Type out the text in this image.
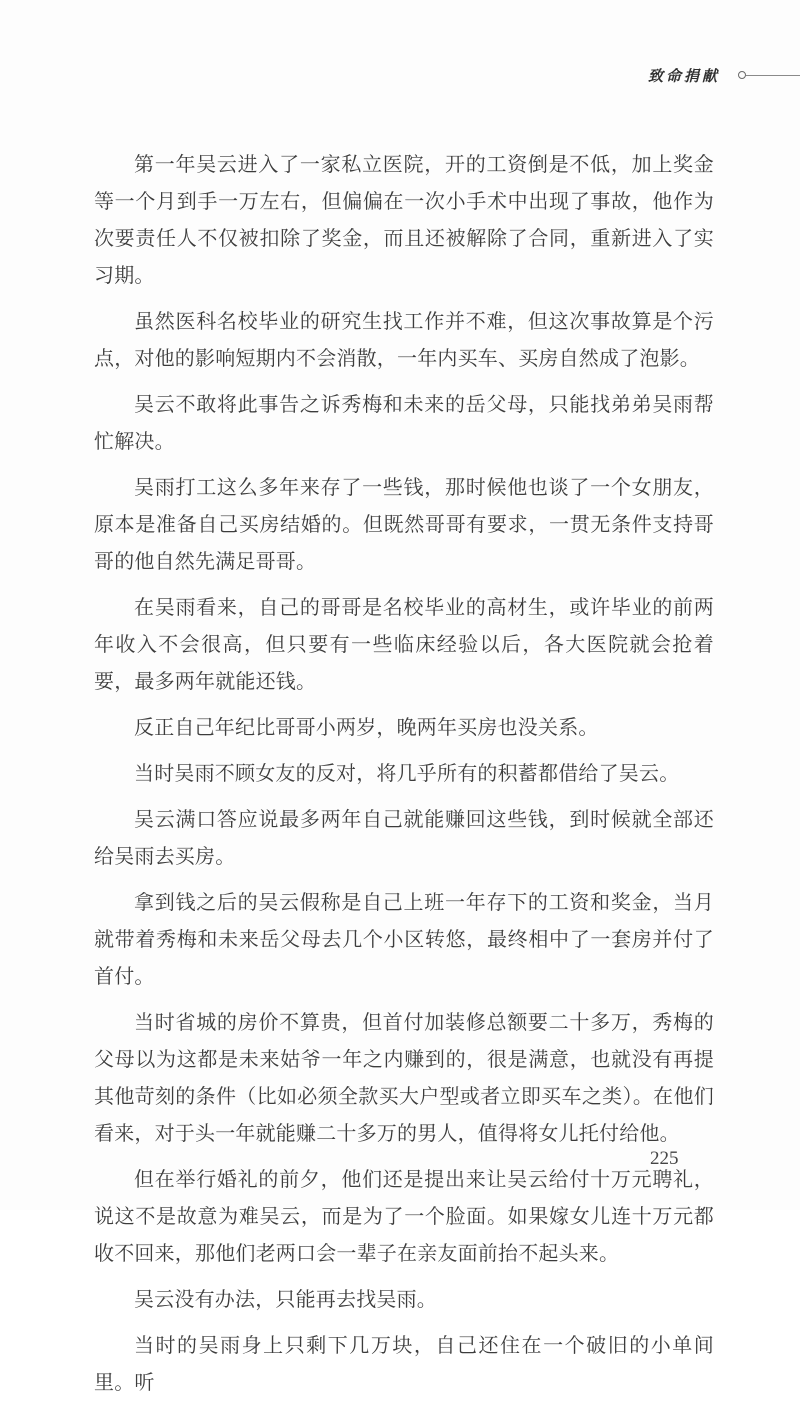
致命捐献

第一年吴云进入了一家私立医院，开的工资倒是不低，加上奖金等一个月到手一万左右，但偏偏在一次小手术中出现了事故，他作为次要责任人不仅被扣除了奖金，而且还被解除了合同，重新进入了实习期。

虽然医科名校毕业的研究生找工作并不难，但这次事故算是个污点，对他的影响短期内不会消散，一年内买车、买房自然成了泡影。

吴云不敢将此事告之诉秀梅和未来的岳父母，只能找弟弟吴雨帮忙解决。

吴雨打工这么多年来存了一些钱，那时候他也谈了一个女朋友，原本是准备自己买房结婚的。但既然哥哥有要求，一贯无条件支持哥哥的他自然先满足哥哥。

在吴雨看来，自己的哥哥是名校毕业的高材生，或许毕业的前两年收入不会很高，但只要有一些临床经验以后，各大医院就会抢着要，最多两年就能还钱。

反正自己年纪比哥哥小两岁，晚两年买房也没关系。

当时吴雨不顾女友的反对，将几乎所有的积蓄都借给了吴云。

吴云满口答应说最多两年自己就能赚回这些钱，到时候就全部还给吴雨去买房。

拿到钱之后的吴云假称是自己上班一年存下的工资和奖金，当月就带着秀梅和未来岳父母去几个小区转悠，最终相中了一套房并付了首付。

当时省城的房价不算贵，但首付加装修总额要二十多万，秀梅的父母以为这都是未来姑爷一年之内赚到的，很是满意，也就没有再提其他苛刻的条件（比如必须全款买大户型或者立即买车之类）。在他们看来，对于头一年就能赚二十多万的男人，值得将女儿托付给他。

但在举行婚礼的前夕，他们还是提出来让吴云给付十万元聘礼，说这不是故意为难吴云，而是为了一个脸面。如果嫁女儿连十万元都收不回来，那他们老两口会一辈子在亲友面前抬不起头来。

吴云没有办法，只能再去找吴雨。

当时的吴雨身上只剩下几万块，自己还住在一个破旧的小单间里。听

225
